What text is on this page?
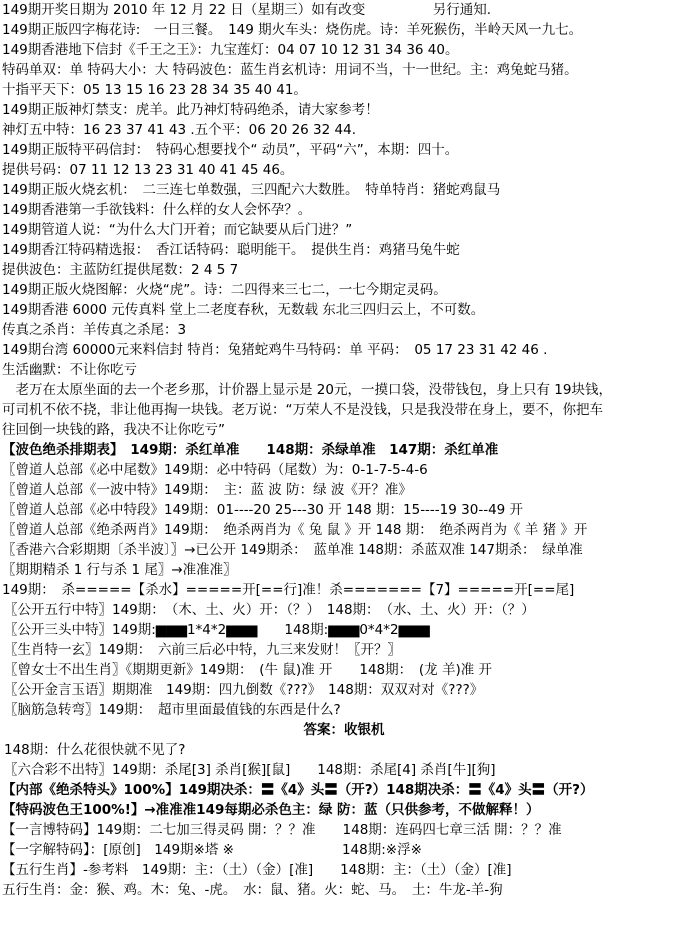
149期开奖日期为 2010 年 12 月 22 日（星期三）如有改变　　　　　另行通知.
149期正版四字梅花诗:　一日三餐。　149 期火车头：烧伤虎。诗：羊死猴伤，半岭天风一九七。
149期香港地下信封《千王之王》：九宝莲灯：04 07 10 12 31 34 36 40。
特码单双：单 特码大小：大 特码波色：蓝生肖玄机诗：用词不当，十一世纪。主：鸡兔蛇马猪。
十指平天下：05 13 15 16 23 28 34 35 40 41。
149期正版神灯禁支：虎羊。此乃神灯特码绝杀，请大家参考！
神灯五中特：16 23 37 41 43 .五个平：06 20 26 32 44.
149期正版特平码信封：　特码心想要找个“ 动员”，平码“六”，本期：四十。
提供号码：07 11 12 13 23 31 40 41 45 46。
149期正版火烧玄机：　二三连七单数强，三四配六大数胜。　特单特肖：猪蛇鸡鼠马
149期香港第一手欲钱料：什么样的女人会怀孕？。
149期管道人说：“为什么大门开着；而它缺要从后门进？”
149期香江特码精选报：　香江话特码：聪明能干。　提供生肖：鸡猪马兔牛蛇
提供波色：主蓝防红提供尾数：2 4 5 7
149期正版火烧图解：火烧“虎”。诗：二四得来三七二，一七今期定灵码。
149期香港 6000 元传真料 堂上二老度春秋，无数载 东北三四归云上，不可数。
传真之杀肖：羊传真之杀尾：3
149期台湾 60000元来料信封 特肖：兔猪蛇鸡牛马特码：单 平码：　05 17 23 31 42 46 .
生活幽默：不让你吃亏
　老万在太原坐面的去一个老乡那，计价器上显示是 20元，一摸口袋，没带钱包，身上只有 19块钱，
可司机不依不挠，非让他再掏一块钱。老万说：“万荣人不是没钱，只是我没带在身上，要不，你把车
往回倒一块钱的路，我决不让你吃亏”
【波色绝杀排期表】　149期：杀红单准　　148期：杀绿单准　147期：杀红单准
〖曾道人总部《必中尾数》149期：必中特码（尾数）为：0-1-7-5-4-6
〖曾道人总部《一波中特》149期：　主：蓝 波 防：绿 波《开？准》
〖曾道人总部《必中特段》149期：01----20 25---30 开 148 期：15----19 30--49 开
〖曾道人总部《绝杀两肖》149期：　绝杀两肖为《 兔 鼠 》开 148 期：　绝杀两肖为《 羊 猪 》开
〖香港六合彩期期〔杀半波〕〗→已公开 149期杀：　蓝单准 148期：杀蓝双准 147期杀：　绿单准
〖期期精杀 1 行与杀 1 尾〗→准准准〗
149期：　杀=====【杀水】=====开[==行]准！杀=======【7】=====开[==尾]
〖公开五行中特〗149期：　（木、土、火）开：（？）　148期：　（水、土、火）开：（？）
〖公开三头中特〗149期:▆▆▆1*4*2▆▆▆　　148期:▆▆▆0*4*2▆▆▆
〖生肖特一玄〗149期：　六前三后必中特，九三来发财！〖开？〗
〖曾女士不出生肖〗《期期更新》149期：　(牛 鼠)准 开　　148期：　(龙 羊)准 开
〖公开金言玉语〗期期准　149期：四九倒数《???》　148期：双双对对《???》
〖脑筋急转弯〗149期：　超市里面最值钱的东西是什么?
答案：收银机
148期：什么花很快就不见了?
〖六合彩不出特〗149期：杀尾[3] 杀肖[猴][鼠]　　148期：杀尾[4] 杀肖[牛][狗]
【内部《绝杀特头》100%】149期决杀：〓《4》头〓（开?）148期决杀：〓《4》头〓（开?）
【特码波色王100%!】→准准准149每期必杀色主：绿 防：蓝（只供参考，不做解释！）
【一言博特码】149期：二七加三得灵码 開：？？准　　148期：连码四七章三活 開：？？准
【一字解特码】：[原创]　149期※塔 ※　　　　　　　　148期:※浮※
【五行生肖】-参考料　149期：主：（土）（金）[准]　　148期：主：（土）（金）[准]
五行生肖：金：猴、鸡。木：兔、-虎。　水：鼠、猪。火：蛇、马。　土：牛龙-羊-狗
